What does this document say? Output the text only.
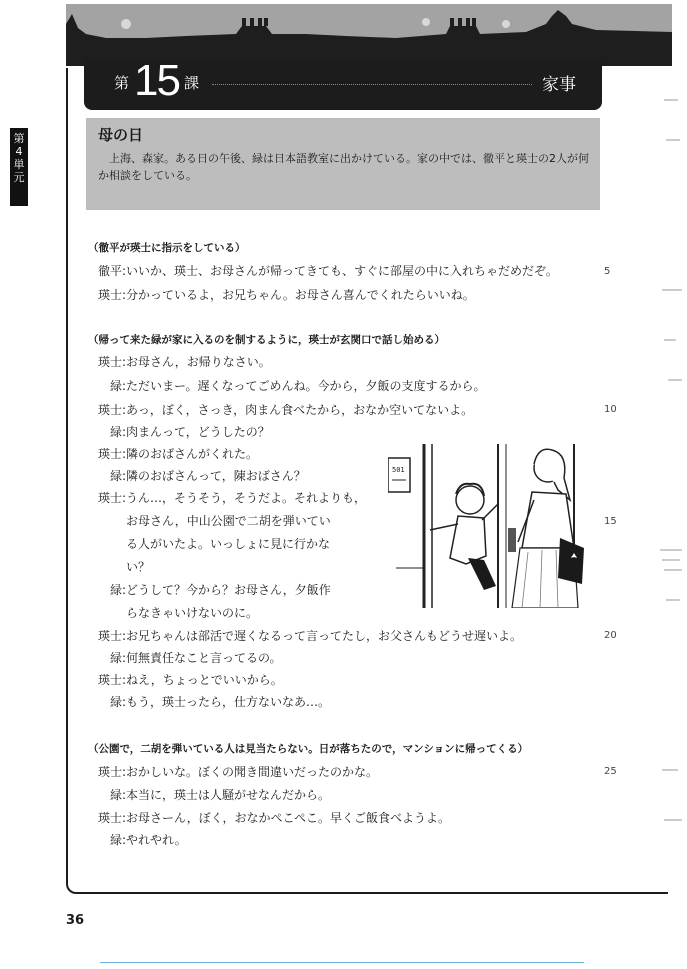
第 15 課	家事
第
4
単
元
母の日
上海、森家。ある日の午後、緑は日本語教室に出かけている。家の中では、徹平と瑛士の2人が何か相談をしている。
（徹平が瑛士に指示をしている）
徹平:いいか、瑛士、お母さんが帰ってきても、すぐに部屋の中に入れちゃだめだぞ。
瑛士:分かっているよ，お兄ちゃん。お母さん喜んでくれたらいいね。
（帰って来た緑が家に入るのを制するように，瑛士が玄関口で話し始める）
瑛士:お母さん，お帰りなさい。
緑:ただいまー。遅くなってごめんね。今から，夕飯の支度するから。
瑛士:あっ，ぼく，さっき，肉まん食べたから，おなか空いてないよ。
緑:肉まんって，どうしたの？
瑛士:隣のおばさんがくれた。
緑:隣のおばさんって，陳おばさん？
瑛士:うん…，そうそう，そうだよ。それよりも，
お母さん，中山公園で二胡を弾いてい
る人がいたよ。いっしょに見に行かな
い？
緑:どうして？今から？お母さん，夕飯作
らなきゃいけないのに。
瑛士:お兄ちゃんは部活で遅くなるって言ってたし，お父さんもどうせ遅いよ。
緑:何無責任なこと言ってるの。
瑛士:ねえ，ちょっとでいいから。
緑:もう，瑛士ったら，仕方ないなあ…。
（公園で，二胡を弾いている人は見当たらない。日が落ちたので，マンションに帰ってくる）
瑛士:おかしいな。ぼくの聞き間違いだったのかな。
緑:本当に，瑛士は人騒がせなんだから。
瑛士:お母さーん，ぼく，おなかぺこぺこ。早くご飯食べようよ。
緑:やれやれ。
5
10
15
20
25
501
36
